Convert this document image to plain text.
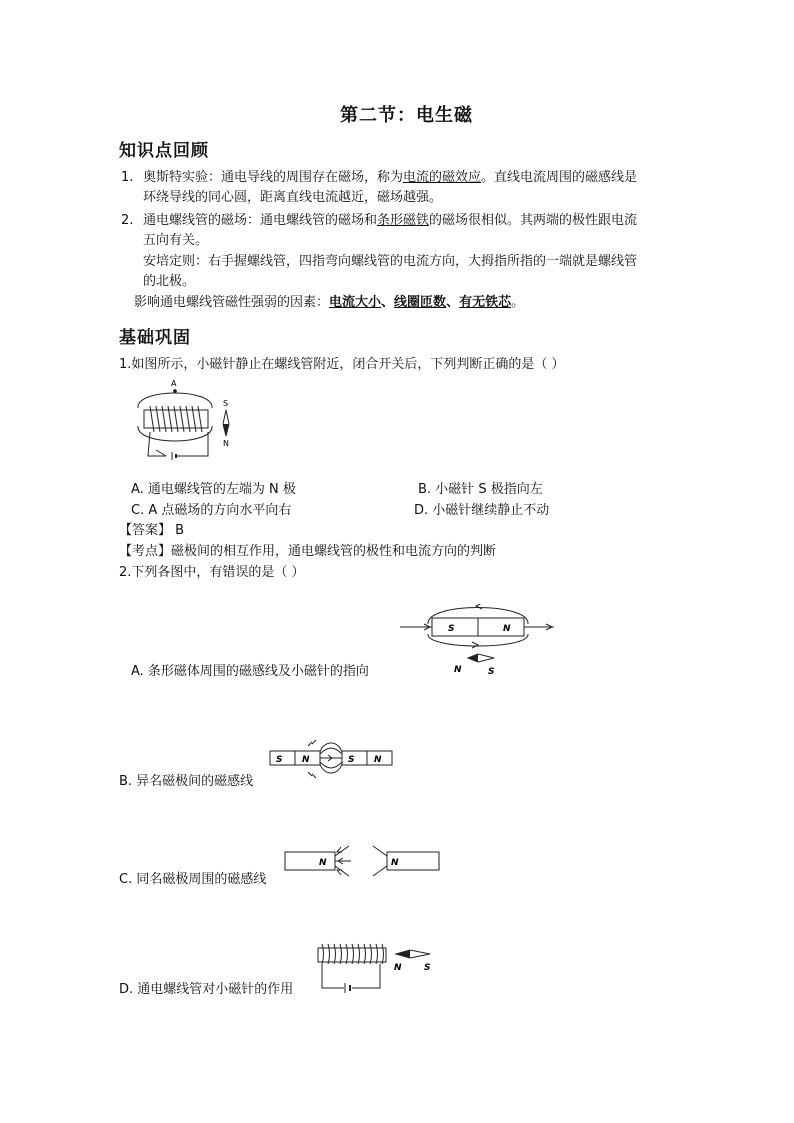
第二节：电生磁
知识点回顾
1. 奥斯特实验：通电导线的周围存在磁场，称为电流的磁效应。直线电流周围的磁感线是
环绕导线的同心圆，距离直线电流越近，磁场越强。
2. 通电螺线管的磁场：通电螺线管的磁场和条形磁铁的磁场很相似。其两端的极性跟电流
五向有关。
安培定则：右手握螺线管，四指弯向螺线管的电流方向，大拇指所指的一端就是螺线管
的北极。
影响通电螺线管磁性强弱的因素：电流大小、线圈匝数、有无铁芯。
基础巩固
1.如图所示，小磁针静止在螺线管附近，闭合开关后，下列判断正确的是（ ）
A
S
N
A. 通电螺线管的左端为 N 极	B. 小磁针 S 极指向左
C. A 点磁场的方向水平向右	D. 小磁针继续静止不动
【答案】 B
【考点】磁极间的相互作用，通电螺线管的极性和电流方向的判断
2.下列各图中，有错误的是（ ）
S	N
N	S
A. 条形磁体周围的磁感线及小磁针的指向
S N	S N
B. 异名磁极间的磁感线
N	N
C. 同名磁极周围的磁感线
N S
D. 通电螺线管对小磁针的作用
